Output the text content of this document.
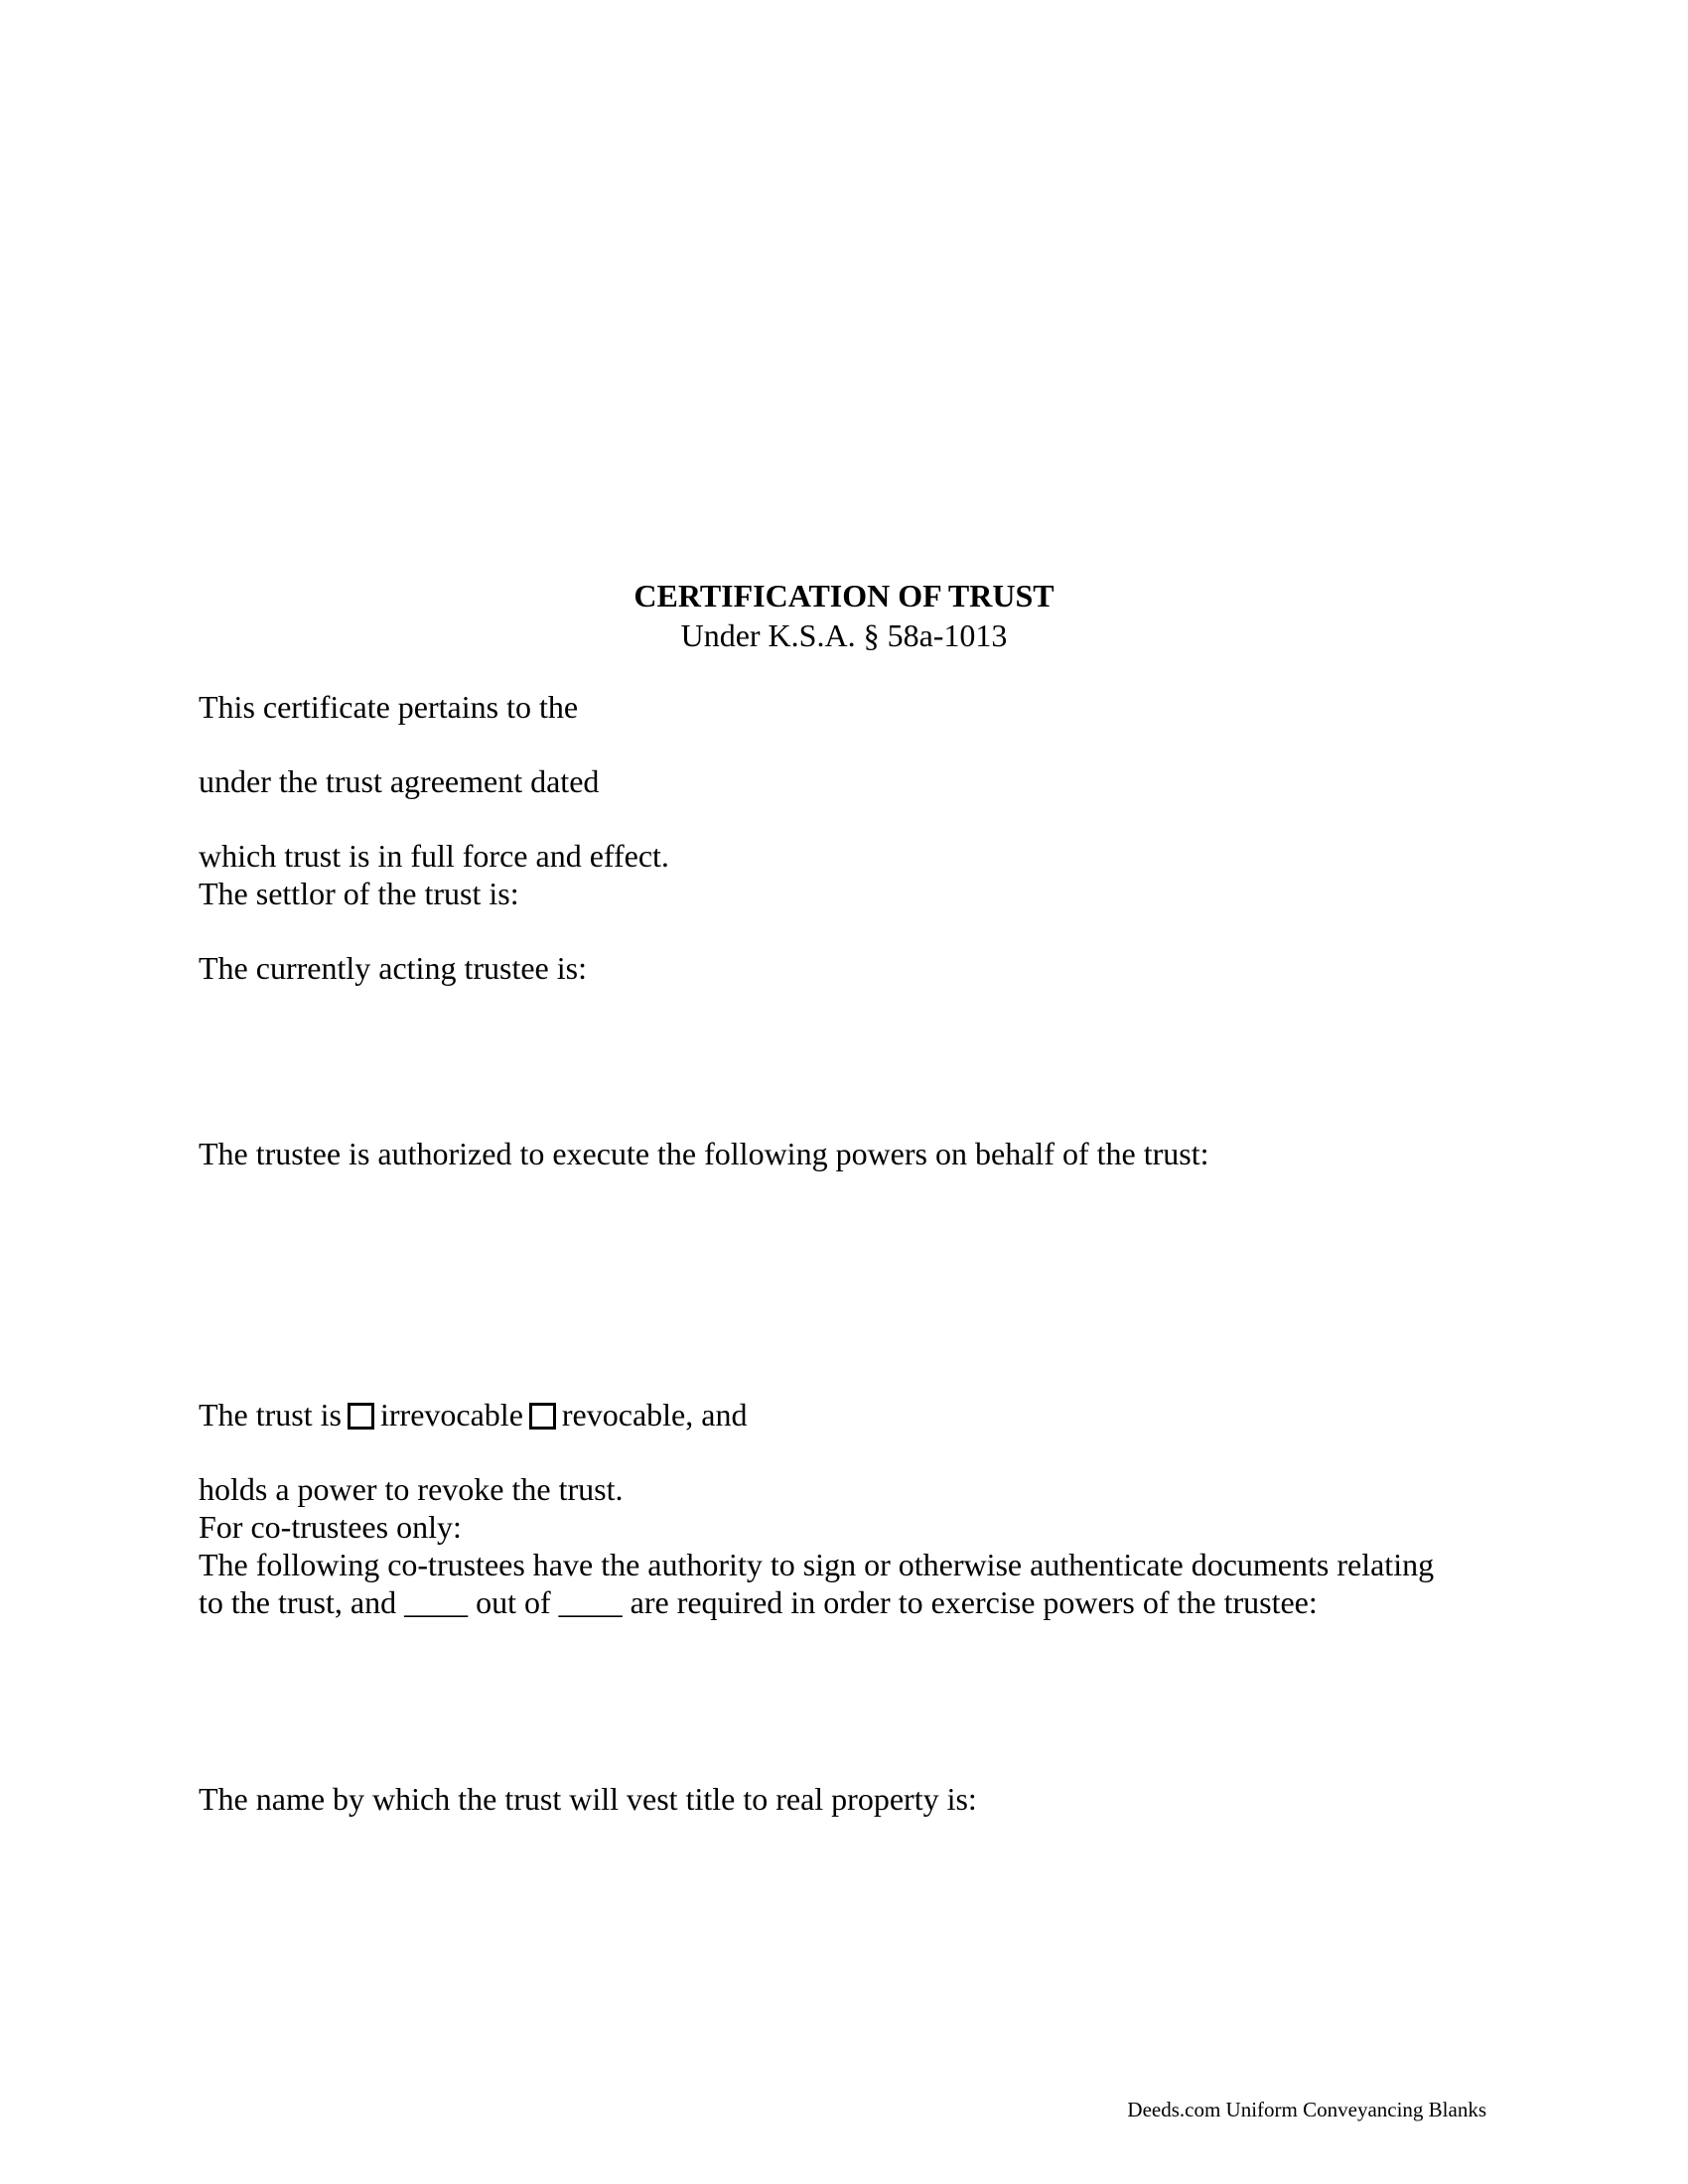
CERTIFICATION OF TRUST
Under K.S.A. § 58a-1013
This certificate pertains to the
under the trust agreement dated
which trust is in full force and effect.
The settlor of the trust is:
The currently acting trustee is:
The trustee is authorized to execute the following powers on behalf of the trust:
The trust is irrevocable revocable, and
holds a power to revoke the trust.
For co-trustees only:
The following co-trustees have the authority to sign or otherwise authenticate documents relating
to the trust, and ____ out of ____ are required in order to exercise powers of the trustee:
The name by which the trust will vest title to real property is:
Deeds.com Uniform Conveyancing Blanks
